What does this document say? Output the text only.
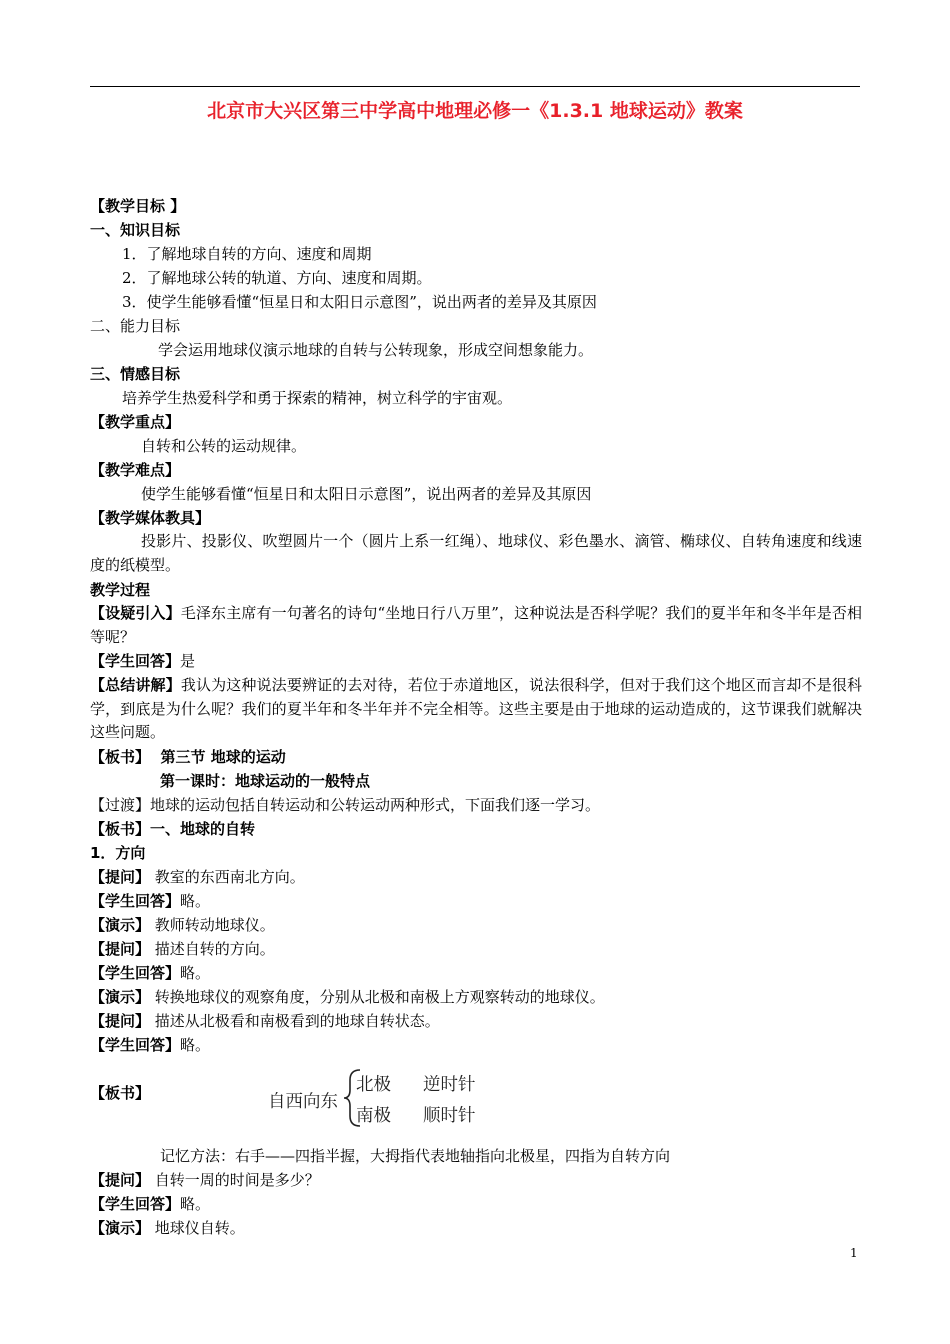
北京市大兴区第三中学高中地理必修一《1.3.1 地球运动》教案
【教学目标 】
一、知识目标
1．了解地球自转的方向、速度和周期
2．了解地球公转的轨道、方向、速度和周期。
3．使学生能够看懂“恒星日和太阳日示意图”，说出两者的差异及其原因
二、能力目标
学会运用地球仪演示地球的自转与公转现象，形成空间想象能力。
三、情感目标
培养学生热爱科学和勇于探索的精神，树立科学的宇宙观。
【教学重点】
自转和公转的运动规律。
【教学难点】
使学生能够看懂“恒星日和太阳日示意图”，说出两者的差异及其原因
【教学媒体教具】
投影片、投影仪、吹塑圆片一个（圆片上系一红绳）、地球仪、彩色墨水、滴管、椭球仪、自转角速度和线速度的纸模型。
教学过程
【设疑引入】毛泽东主席有一句著名的诗句“坐地日行八万里”，这种说法是否科学呢？我们的夏半年和冬半年是否相等呢？
【学生回答】是
【总结讲解】我认为这种说法要辨证的去对待，若位于赤道地区，说法很科学，但对于我们这个地区而言却不是很科学，到底是为什么呢？我们的夏半年和冬半年并不完全相等。这些主要是由于地球的运动造成的，这节课我们就解决这些问题。
【板书】 第三节 地球的运动
第一课时：地球运动的一般特点
【过渡】地球的运动包括自转运动和公转运动两种形式，下面我们逐一学习。
【板书】一、地球的自转
1．方向
【提问】 教室的东西南北方向。
【学生回答】略。
【演示】 教师转动地球仪。
【提问】 描述自转的方向。
【学生回答】略。
【演示】 转换地球仪的观察角度，分别从北极和南极上方观察转动的地球仪。
【提问】 描述从北极看和南极看到的地球自转状态。
【学生回答】略。
【板书】	自西向东
北极 逆时针
南极 顺时针
记忆方法：右手——四指半握，大拇指代表地轴指向北极星，四指为自转方向
【提问】 自转一周的时间是多少？
【学生回答】略。
【演示】 地球仪自转。
1
